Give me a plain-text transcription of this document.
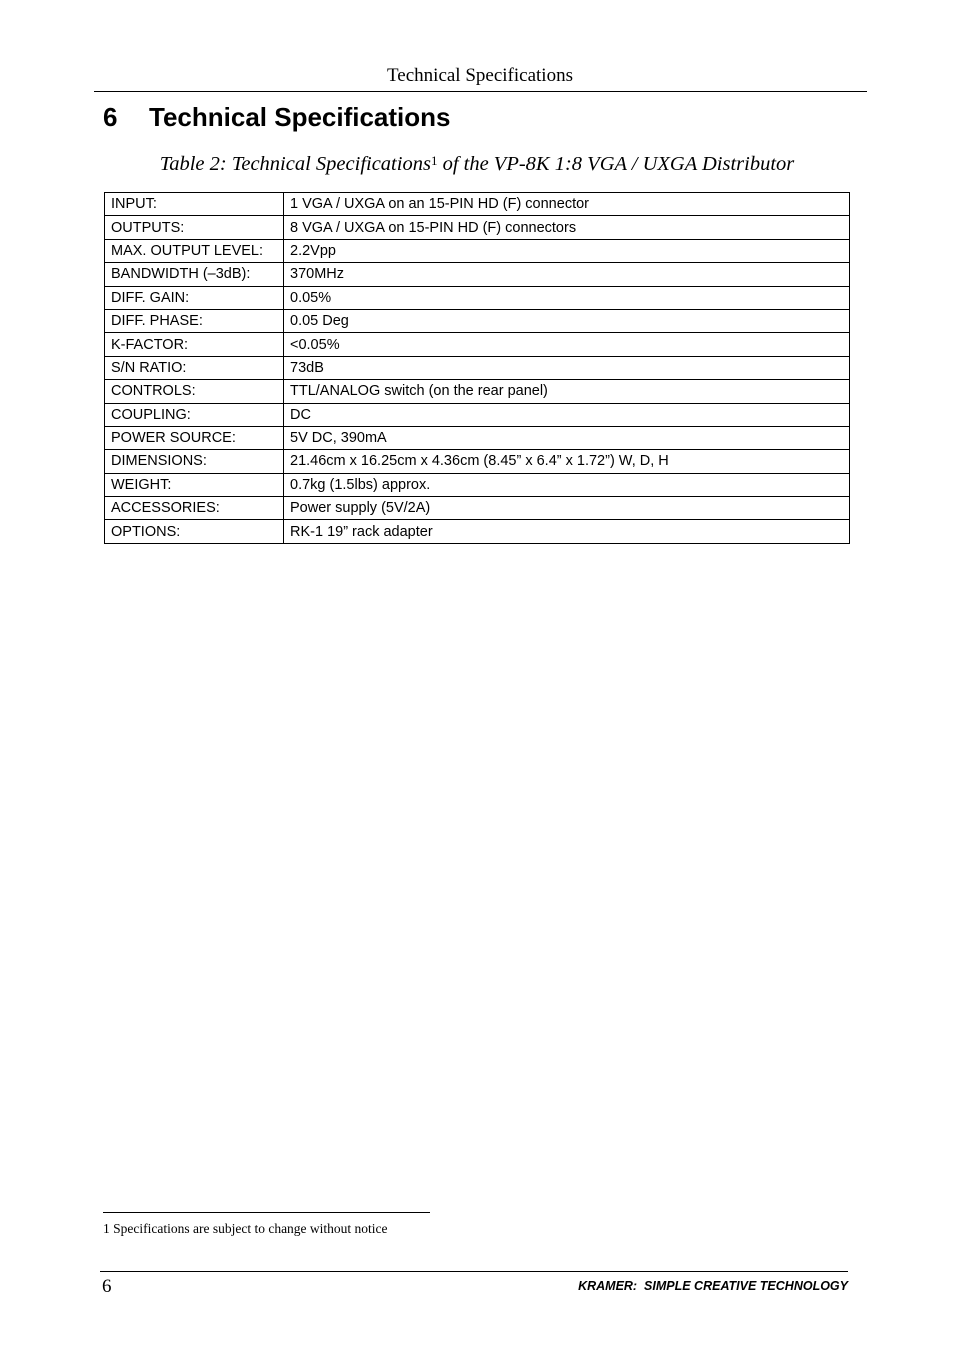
Technical Specifications
6 Technical Specifications
Table 2: Technical Specifications$^1$ of the VP-8K 1:8 VGA / UXGA Distributor
INPUT:	1 VGA / UXGA on an 15-PIN HD (F) connector
OUTPUTS:	8 VGA / UXGA on 15-PIN HD (F) connectors
MAX. OUTPUT LEVEL:	2.2Vpp
BANDWIDTH (–3dB):	370MHz
DIFF. GAIN:	0.05%
DIFF. PHASE:	0.05 Deg
K-FACTOR:	<0.05%
S/N RATIO:	73dB
CONTROLS:	TTL/ANALOG switch (on the rear panel)
COUPLING:	DC
POWER SOURCE:	5V DC, 390mA
DIMENSIONS:	21.46cm x 16.25cm x 4.36cm (8.45” x 6.4” x 1.72”) W, D, H
WEIGHT:	0.7kg (1.5lbs) approx.
ACCESSORIES:	Power supply (5V/2A)
OPTIONS:	RK-1 19” rack adapter
1 Specifications are subject to change without notice
6	KRAMER:  SIMPLE CREATIVE TECHNOLOGY
